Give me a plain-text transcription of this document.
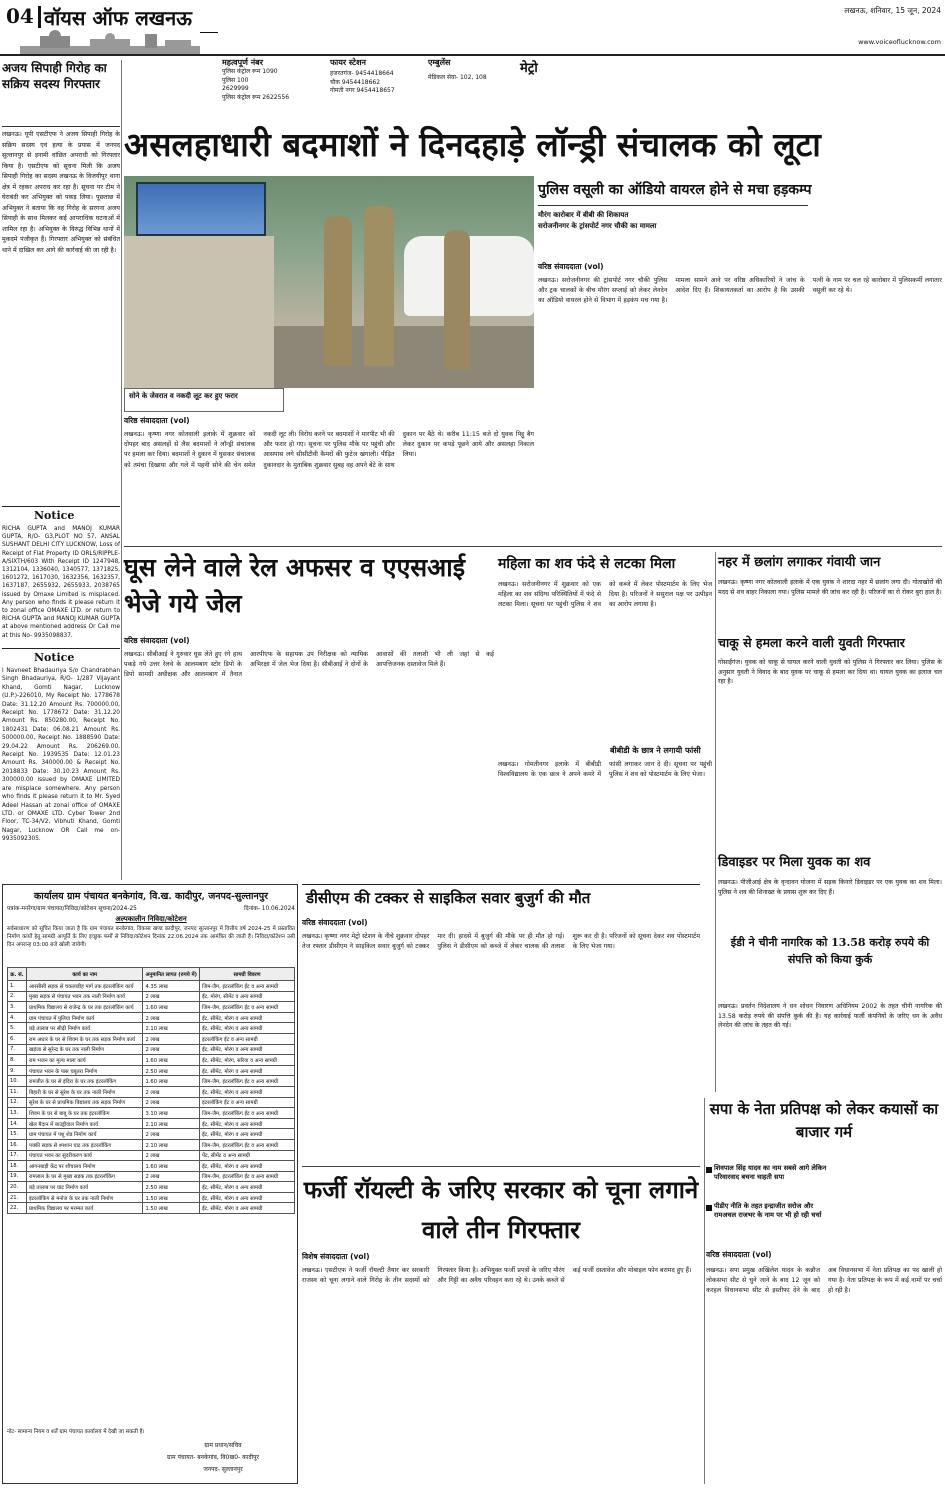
04 वॉयस ऑफ लखनऊ
महत्वपूर्ण नंबर
पुलिस कंट्रोल रूम 1090
पुलिस 100
2629999
पुलिस कंट्रोल रूम 2622556
फायर स्टेशन
हजरतगंज- 9454418664
चौक 9454418662
गोमती नगर 9454418657
एम्बुलेंस
मेडिकल सेवा- 102, 108
मेट्रो
लखनऊ, शनिवार, 15 जून, 2024
www.voiceoflucknow.com
अजय सिपाही गिरोह का सक्रिय सदस्य गिरफ्तार
लखनऊ। यूपी एसटीएफ ने अजय सिपाही गिरोह के सक्रिय सदस्य एवं हत्या के प्रयास में जनपद सुल्तानपुर से इनामी वांछित अपराधी को गिरफ्तार किया है। एसटीएफ को सूचना मिली कि अजय सिपाही गिरोह का सदस्य लखनऊ के विजयीपुर थाना क्षेत्र में रहकर अपराध कर रहा है। सूचना पर टीम ने घेराबंदी कर अभियुक्त को पकड़ लिया। पूछताछ में अभियुक्त ने बताया कि वह गिरोह के सरगना अजय सिपाही के साथ मिलकर कई आपराधिक घटनाओं में शामिल रहा है। अभियुक्त के विरुद्ध विभिन्न थानों में मुकदमे पंजीकृत हैं। गिरफ्तार अभियुक्त को संबंधित थाने में दाखिल कर आगे की कार्रवाई की जा रही है।
Notice
RICHA GUPTA and MANOJ KUMAR GUPTA, R/O- G3,PLOT NO 57, ANSAL SUSHANT DELHI CITY LUCKNOW, Loss of Receipt of Flat Property ID ORLS/RIPPLE-A/SIXTH/603 With Receipt ID 1247948, 1312104, 1336040, 1340577, 1371825, 1601272, 1617030, 1632356, 1632357, 1637187, 2655932, 2655933, 2038765 issued by Omaxe Limited is misplaced. Any person who finds it please return it to zonal office OMAXE LTD. or return to RICHA GUPTA and MANOJ KUMAR GUPTA at above mentioned address Or Call me at this No- 9935098837.
Notice
I Navneet Bhadauriya S/o Chandrabhan Singh Bhadauriya, R/O- 1/287 Vijayant Khand, Gomti Nagar, Lucknow (U.P.)-226010, My Receipt No. 1778678 Date: 31.12.20 Amount Rs. 700000.00, Receipt No. 1778672 Date: 31.12.20 Amount Rs. 850280.00, Receipt No. 1802431 Date: 06.08.21 Amount Rs. 500000.00, Receipt No. 1888590 Date: 29.04.22 Amount Rs. 206269.00, Receipt No. 1939535 Date: 12.01.23 Amount Rs. 340000.00 & Receipt No. 2018833 Date: 30.10.23 Amount Rs. 300000.00 issued by OMAXE LIMITED are misplace somewhere. Any person who finds it please return it to Mr. Syed Adeel Hassan at zonal office of OMAXE LTD. or OMAXE LTD. Cyber Tower 2nd Floor, TC-34/V2, Vibhuti Khand, Gomti Nagar, Lucknow OR Call me on- 9935092305.
असलहाधारी बदमाशों ने दिनदहाड़े लॉन्ड्री संचालक को लूटा
सोने के जेवरात व नकदी लूट कर हुए फरार
वरिष्ठ संवाददाता (vol)
लखनऊ। कृष्णा नगर कोतवाली इलाके में शुक्रवार को दोपहर बाद असलहों से लैस बदमाशों ने लॉन्ड्री संचालक पर हमला कर दिया। बदमाशों ने दुकान में घुसकर संचालक को तमंचा दिखाया और गले में पहनी सोने की चेन समेत नकदी लूट ली। विरोध करने पर बदमाशों ने मारपीट भी की और फरार हो गए। सूचना पर पुलिस मौके पर पहुंची और आसपास लगे सीसीटीवी कैमरों की फुटेज खंगाली। पीड़ित दुकानदार के मुताबिक शुक्रवार सुबह वह अपने बेटे के साथ दुकान पर बैठे थे। करीब 11:15 बजे दो युवक पिट्ठू बैग लेकर दुकान पर कपड़े पूछने आये और असलहा निकाल लिया।
पुलिस वसूली का ऑडियो वायरल होने से मचा हड़कम्प
मौरंग कारोबार में बीबी की शिकायत
सरोजनीनगर के ट्रांसपोर्ट नगर चौकी का मामला
वरिष्ठ संवाददाता (vol)
लखनऊ। सरोजनीनगर की ट्रांसपोर्ट नगर चौकी पुलिस और ट्रक चालकों के बीच मौरंग सप्लाई को लेकर लेनदेन का ऑडियो वायरल होने से विभाग में हड़कंप मच गया है। मामला सामने आने पर वरिष्ठ अधिकारियों ने जांच के आदेश दिए हैं। शिकायतकर्ता का आरोप है कि उसकी पत्नी के नाम पर चल रहे कारोबार में पुलिसकर्मी लगातार वसूली कर रहे थे।
घूस लेने वाले रेल अफसर व एएसआई भेजे गये जेल
वरिष्ठ संवाददाता (vol)
लखनऊ। सीबीआई ने गुरुवार घूस लेते हुए रंगे हाथ पकड़े गये उत्तर रेलवे के आलमबाग स्टोर डिपो के डिपो सामग्री अधीक्षक और आलमबाग में तैनात आरपीएफ के सहायक उप निरीक्षक को न्यायिक अभिरक्षा में जेल भेज दिया है। सीबीआई ने दोनों के आवासों की तलाशी भी ली जहां से कई आपत्तिजनक दस्तावेज मिले हैं।
महिला का शव फंदे से लटका मिला
लखनऊ। सरोजनीनगर में शुक्रवार को एक महिला का शव संदिग्ध परिस्थितियों में फंदे से लटका मिला। सूचना पर पहुंची पुलिस ने शव को कब्जे में लेकर पोस्टमार्टम के लिए भेज दिया है। परिजनों ने ससुराल पक्ष पर उत्पीड़न का आरोप लगाया है।
बीबीडी के छात्र ने लगायी फांसी
लखनऊ। गोमतीनगर इलाके में बीबीडी विश्वविद्यालय के एक छात्र ने अपने कमरे में फांसी लगाकर जान दे दी। सूचना पर पहुंची पुलिस ने शव को पोस्टमार्टम के लिए भेजा।
नहर में छलांग लगाकर गंवायी जान
लखनऊ। कृष्णा नगर कोतवाली इलाके में एक युवक ने शारदा नहर में छलांग लगा दी। गोताखोरों की मदद से शव बाहर निकाला गया। पुलिस मामले की जांच कर रही है। परिजनों का रो रोकर बुरा हाल है।
चाकू से हमला करने वाली युवती गिरफ्तार
गोसाईंगंज। युवक को चाकू से घायल करने वाली युवती को पुलिस ने गिरफ्तार कर लिया। पुलिस के अनुसार युवती ने विवाद के बाद युवक पर चाकू से हमला कर दिया था। घायल युवक का इलाज चल रहा है।
डिवाइडर पर मिला युवक का शव
लखनऊ। पीजीआई क्षेत्र के वृन्दावन योजना में सड़क किनारे डिवाइडर पर एक युवक का शव मिला। पुलिस ने शव की शिनाख्त के प्रयास शुरू कर दिए हैं।
ईडी ने चीनी नागरिक को 13.58 करोड़ रुपये की संपत्ति को किया कुर्क
लखनऊ। प्रवर्तन निदेशालय ने धन शोधन निवारण अधिनियम 2002 के तहत चीनी नागरिक की 13.58 करोड़ रुपये की संपत्ति कुर्क की है। यह कार्रवाई फर्जी कंपनियों के जरिए धन के अवैध लेनदेन की जांच के तहत की गई।
सपा के नेता प्रतिपक्ष को लेकर कयासों का बाजार गर्म
शिवपाल सिंह यादव का नाम सबसे आगे लेकिन परिवारवाद बचना चाहती सपा
पीडीए नीति के तहत इन्द्राजीत सरोज और रामअचल राजभर के नाम पर भी हो रही चर्चा
वरिष्ठ संवाददाता (vol)
लखनऊ। सपा प्रमुख अखिलेश यादव के कन्नौज लोकसभा सीट से चुने जाने के बाद 12 जून को करहल विधानसभा सीट से इस्तीफा देने के बाद अब विधानसभा में नेता प्रतिपक्ष का पद खाली हो गया है। नेता प्रतिपक्ष के रूप में कई नामों पर चर्चा हो रही है।
कार्यालय ग्राम पंचायत बनकेगांव, वि.ख. कादीपुर, जनपद-सुल्तानपुर
पत्रांक-मनरेगा/ग्राम पंचायत/निविदा/कोटेशन सूचना/2024-25	दिनांक- 10.06.2024
अल्पकालीन निविदा/कोटेशन
सर्वसाधारण को सूचित किया जाता है कि ग्राम पंचायत बनकेगांव, विकास खण्ड कादीपुर, जनपद सुल्तानपुर में वित्तीय वर्ष 2024-25 में प्रस्तावित निर्माण कार्यों हेतु सामग्री आपूर्ति के लिए इच्छुक फर्मों से निविदा/कोटेशन दिनांक 22.06.2024 तक आमंत्रित की जाती हैं। निविदा/कोटेशन उसी दिन अपरान्ह 03:00 बजे खोली जायेगी।
क्र. सं.	कार्य का नाम	अनुमानित लागत (रुपये में)	सामग्री विवरण
1.	आरसीसी सड़क से चकलाडीह मार्ग तक इंटरलॉकिंग कार्य	4.35 लाख	जिम-जैम, इंटरलॉकिंग ईंट व अन्य सामग्री
2.	मुख्य सड़क से पंचायत भवन तक नाली निर्माण कार्य	2 लाख	ईंट, मोरंग, सीमेंट व अन्य सामग्री
3.	प्राथमिक विद्यालय से राजेन्द्र के घर तक इंटरलॉकिंग कार्य	1.60 लाख	जिम-जैम, इंटरलॉकिंग ईंट व अन्य सामग्री
4.	ग्राम पंचायत में पुलिया निर्माण कार्य	2 लाख	ईंट, सीमेंट, मोरंग व अन्य सामग्री
5.	बड़े तालाब पर सीढ़ी निर्माण कार्य	2.10 लाख	ईंट, सीमेंट, मोरंग व अन्य सामग्री
6.	राम अधार के घर से शिवम के घर तक सड़क निर्माण कार्य	2 लाख	इंटरलॉकिंग ईंट व अन्य सामग्री
7.	खड़ंजा से सुरेन्द्र के घर तक नाली निर्माण	2 लाख	ईंट, सीमेंट, मोरंग व अन्य सामग्री
8.	राम भजन का मूल्य माला कार्य	1.60 लाख	ईंट, सीमेंट, मोरंग, सरिया व अन्य सामग्री
9.	पंचायत भवन के पास चबूतरा निर्माण	2.50 लाख	ईंट, सीमेंट, मोरंग व अन्य सामग्री
10.	रामजीत के घर से इंदिरा के घर तक इंटरलॉकिंग	1.60 लाख	जिम-जैम, इंटरलॉकिंग ईंट व अन्य सामग्री
11.	बिहारी के घर से सुरेश के घर तक नाली निर्माण	2 लाख	ईंट, सीमेंट, मोरंग व अन्य सामग्री
12.	सुरेश के घर से प्राथमिक विद्यालय तक सड़क निर्माण	2 लाख	इंटरलॉकिंग ईंट व अन्य सामग्री
13.	शिवम के घर से बाबू के घर तक इंटरलॉकिंग	3.10 लाख	जिम-जैम, इंटरलॉकिंग ईंट व अन्य सामग्री
14.	खेल मैदान में बाउंड्रीवाल निर्माण कार्य	2.10 लाख	ईंट, सीमेंट, मोरंग व अन्य सामग्री
15.	ग्राम पंचायत में पशु शेड निर्माण कार्य	2 लाख	ईंट, सीमेंट, मोरंग व अन्य सामग्री
16.	पक्की सड़क से श्मशान घाट तक इंटरलॉकिंग	2.10 लाख	जिम-जैम, इंटरलॉकिंग ईंट व अन्य सामग्री
17.	पंचायत भवन का सुंदरीकरण कार्य	2 लाख	पेंट, सीमेंट व अन्य सामग्री
18.	आंगनबाड़ी केंद्र पर शौचालय निर्माण	1.60 लाख	ईंट, सीमेंट, मोरंग व अन्य सामग्री
19.	रामलाल के घर से मुख्य सड़क तक इंटरलॉकिंग	2 लाख	जिम-जैम, इंटरलॉकिंग ईंट व अन्य सामग्री
20.	बड़े तालाब पर घाट निर्माण कार्य	2.50 लाख	ईंट, सीमेंट, मोरंग व अन्य सामग्री
21.	इंटरलॉकिंग से मनोज के घर तक नाली निर्माण	1.50 लाख	ईंट, सीमेंट, मोरंग व अन्य सामग्री
22.	प्राथमिक विद्यालय पर मरम्मत कार्य	1.50 लाख	ईंट, सीमेंट, मोरंग व अन्य सामग्री
नोट- सामान्य नियम व शर्तें ग्राम पंचायत कार्यालय में देखी जा सकती हैं।
ग्राम प्रधान/सचिव
ग्राम पंचायत- बनकेगांव, वि0ख0- कादीपुर
जनपद- सुल्तानपुर
डीसीएम की टक्कर से साइकिल सवार बुजुर्ग की मौत
वरिष्ठ संवाददाता (vol)
लखनऊ। कृष्णा नगर मेट्रो स्टेशन के नीचे शुक्रवार दोपहर तेज रफ्तार डीसीएम ने साइकिल सवार बुजुर्ग को टक्कर मार दी। हादसे में बुजुर्ग की मौके पर ही मौत हो गई। पुलिस ने डीसीएम को कब्जे में लेकर चालक की तलाश शुरू कर दी है। परिजनों को सूचना देकर शव पोस्टमार्टम के लिए भेजा गया।
फर्जी रॉयल्टी के जरिए सरकार को चूना लगाने वाले तीन गिरफ्तार
विशेष संवाददाता (vol)
लखनऊ। एसटीएफ ने फर्जी रॉयल्टी तैयार कर सरकारी राजस्व को चूना लगाने वाले गिरोह के तीन सदस्यों को गिरफ्तार किया है। अभियुक्त फर्जी प्रपत्रों के जरिए मौरंग और गिट्टी का अवैध परिवहन करा रहे थे। उनके कब्जे से कई फर्जी दस्तावेज और मोबाइल फोन बरामद हुए हैं।
